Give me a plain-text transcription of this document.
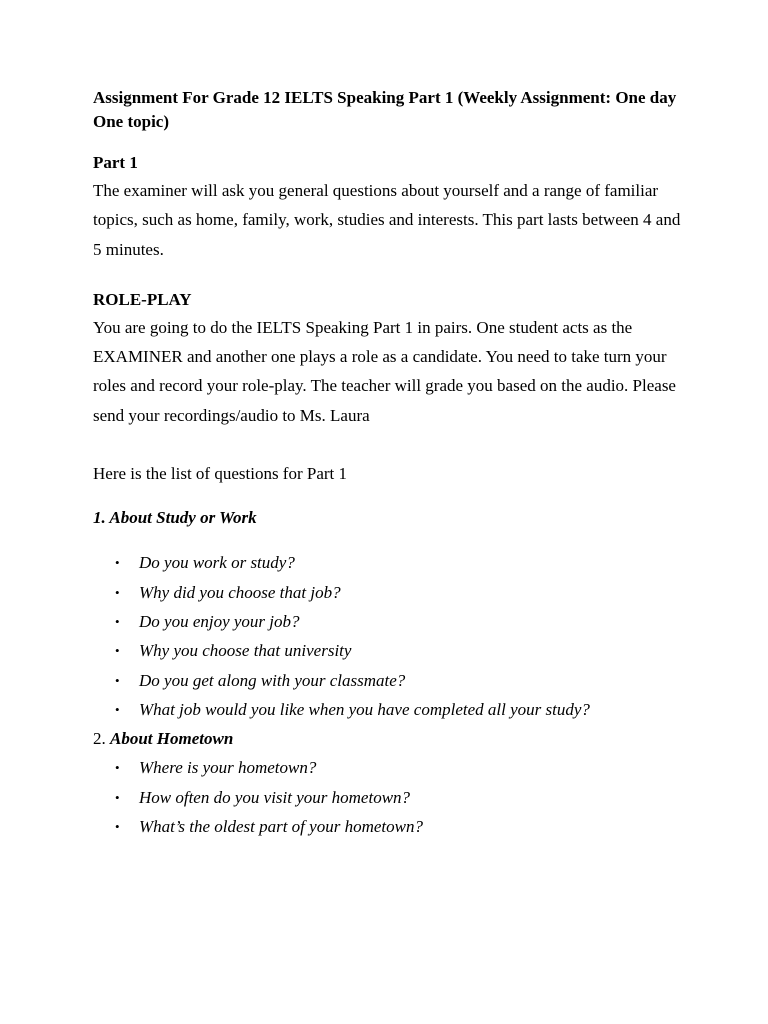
Assignment For Grade 12 IELTS Speaking Part 1 (Weekly Assignment: One day One topic)

Part 1

The examiner will ask you general questions about yourself and a range of familiar topics, such as home, family, work, studies and interests. This part lasts between 4 and 5 minutes.

ROLE-PLAY

You are going to do the IELTS Speaking Part 1 in pairs. One student acts as the EXAMINER and another one plays a role as a candidate. You need to take turn your roles and record your role-play. The teacher will grade you based on the audio. Please send your recordings/audio to Ms. Laura

Here is the list of questions for Part 1

1. About Study or Work

• Do you work or study?
• Why did you choose that job?
• Do you enjoy your job?
• Why you choose that university
• Do you get along with your classmate?
• What job would you like when you have completed all your study?

2. About Hometown

• Where is your hometown?
• How often do you visit your hometown?
• What’s the oldest part of your hometown?
